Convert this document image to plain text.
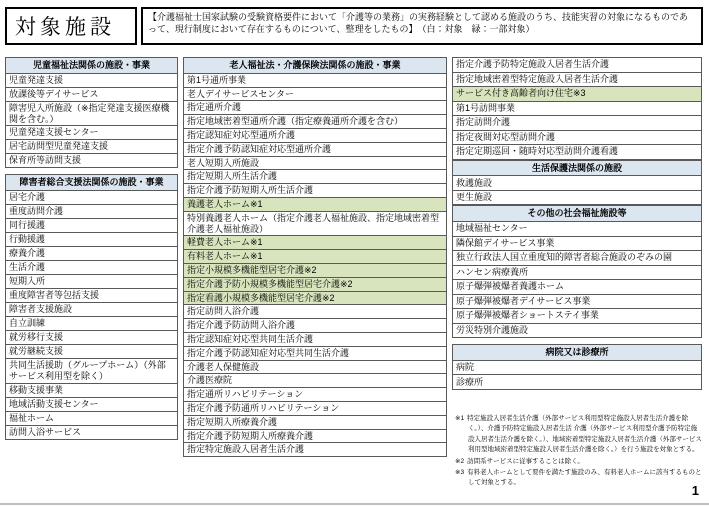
対象施設	【介護福祉士国家試験の受験資格要件において「介護等の業務」の実務経験として認める施設のうち、技能実習の対象になるものであって、現行制度において存在するものについて、整理をしたもの】　（白：対象　緑：一部対象）
児童福祉法関係の施設・事業
児童発達支援
放課後等デイサービス
障害児入所施設（※指定発達支援医療機関を含む。）
児童発達支援センター
居宅訪問型児童発達支援
保育所等訪問支援
障害者総合支援法関係の施設・事業
居宅介護
重度訪問介護
同行援護
行動援護
療養介護
生活介護
短期入所
重度障害者等包括支援
障害者支援施設
自立訓練
就労移行支援
就労継続支援
共同生活援助（グループホーム）（外部サービス利用型を除く）
移動支援事業
地域活動支援センター
福祉ホーム
訪問入浴サービス
老人福祉法・介護保険法関係の施設・事業
第1号通所事業
老人デイサービスセンター
指定通所介護
指定地域密着型通所介護（指定療養通所介護を含む）
指定認知症対応型通所介護
指定介護予防認知症対応型通所介護
老人短期入所施設
指定短期入所生活介護
指定介護予防短期入所生活介護
養護老人ホーム※1
特別養護老人ホーム（指定介護老人福祉施設、指定地域密着型介護老人福祉施設）
軽費老人ホーム※1
有料老人ホーム※1
指定小規模多機能型居宅介護※2
指定介護予防小規模多機能型居宅介護※2
指定看護小規模多機能型居宅介護※2
指定訪問入浴介護
指定介護予防訪問入浴介護
指定認知症対応型共同生活介護
指定介護予防認知症対応型共同生活介護
介護老人保健施設
介護医療院
指定通所リハビリテーション
指定介護予防通所リハビリテーション
指定短期入所療養介護
指定介護予防短期入所療養介護
指定特定施設入居者生活介護
指定介護予防特定施設入居者生活介護
指定地域密着型特定施設入居者生活介護
サービス付き高齢者向け住宅※3
第1号訪問事業
指定訪問介護
指定夜間対応型訪問介護
指定定期巡回・随時対応型訪問介護看護
生活保護法関係の施設
救護施設
更生施設
その他の社会福祉施設等
地域福祉センター
隣保館デイサービス事業
独立行政法人国立重度知的障害者総合施設のぞみの園
ハンセン病療養所
原子爆弾被爆者養護ホーム
原子爆弾被爆者デイサービス事業
原子爆弾被爆者ショートステイ事業
労災特別介護施設
病院又は診療所
病院
診療所
※1 特定施設入居者生活介護（外部サービス利用型特定施設入居者生活介護を除く。）、介護予防特定施設入居者生活 介護（外部サービス利用型介護予防特定施設入居者生活介護を除く。）、地域密着型特定施設入居者生活介護（外部サービス利用型地域密着型特定施設入居者生活介護を除く。）を行う施設を対象とする。
※2 訪問系サービスに従事することは除く。
※3 有料老人ホームとして要件を満たす施設のみ、有料老人ホームに該当するものとして対象とする。
1
